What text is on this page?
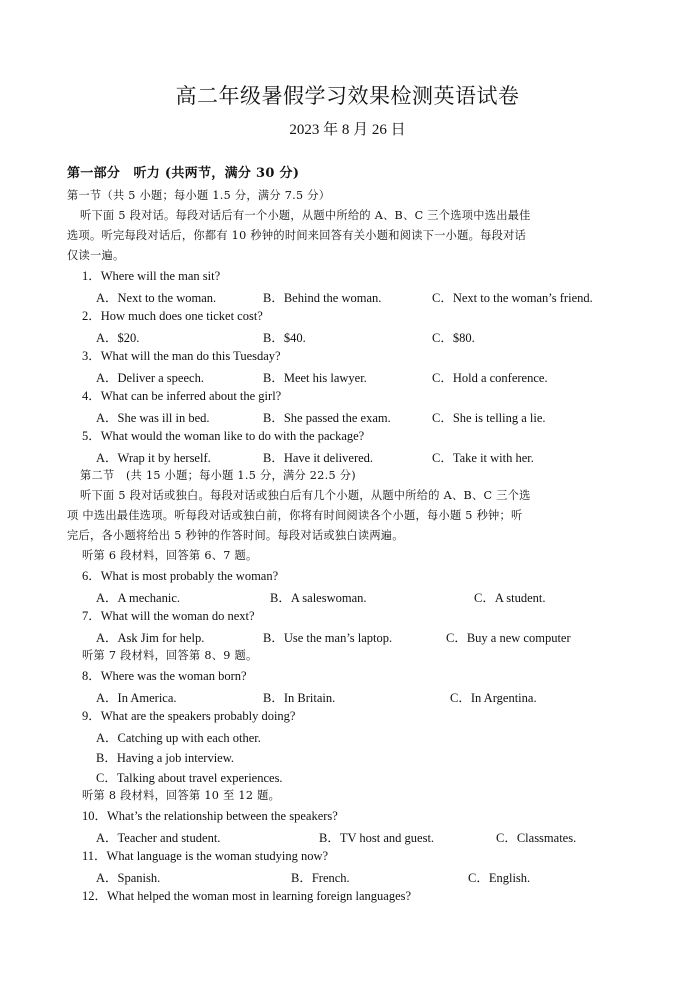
高二年级暑假学习效果检测英语试卷
2023 年 8 月 26 日
第一部分　听力 (共两节，满分 30 分)
第一节（共 5 小题；每小题 1.5 分，满分 7.5 分）
听下面 5 段对话。每段对话后有一个小题，从题中所给的 A、B、C 三个选项中选出最佳
选项。听完每段对话后，你都有 10 秒钟的时间来回答有关小题和阅读下一小题。每段对话
仅读一遍。
1．Where will the man sit?
A．Next to the woman.	B．Behind the woman.	C．Next to the woman’s friend.
2．How much does one ticket cost?
A．$20.	B．$40.	C．$80.
3．What will the man do this Tuesday?
A．Deliver a speech.	B．Meet his lawyer.	C．Hold a conference.
4．What can be inferred about the girl?
A．She was ill in bed.	B．She passed the exam.	C．She is telling a lie.
5．What would the woman like to do with the package?
A．Wrap it by herself.	B．Have it delivered.	C．Take it with her.
第二节　(共 15 小题；每小题 1.5 分，满分 22.5 分)
听下面 5 段对话或独白。每段对话或独白后有几个小题，从题中所给的 A、B、C 三个选
项 中选出最佳选项。听每段对话或独白前，你将有时间阅读各个小题，每小题 5 秒钟；听
完后，各小题将给出 5 秒钟的作答时间。每段对话或独白读两遍。
听第 6 段材料，回答第 6、7 题。
6．What is most probably the woman?
A．A mechanic.	B．A saleswoman.	C．A student.
7．What will the woman do next?
A．Ask Jim for help.	B．Use the man’s laptop.	C．Buy a new computer
听第 7 段材料，回答第 8、9 题。
8．Where was the woman born?
A．In America.	B．In Britain.	C．In Argentina.
9．What are the speakers probably doing?
A．Catching up with each other.
B．Having a job interview.
C．Talking about travel experiences.
听第 8 段材料，回答第 10 至 12 题。
10．What’s the relationship between the speakers?
A．Teacher and student.	B．TV host and guest.	C．Classmates.
11．What language is the woman studying now?
A．Spanish.	B．French.	C．English.
12．What helped the woman most in learning foreign languages?
